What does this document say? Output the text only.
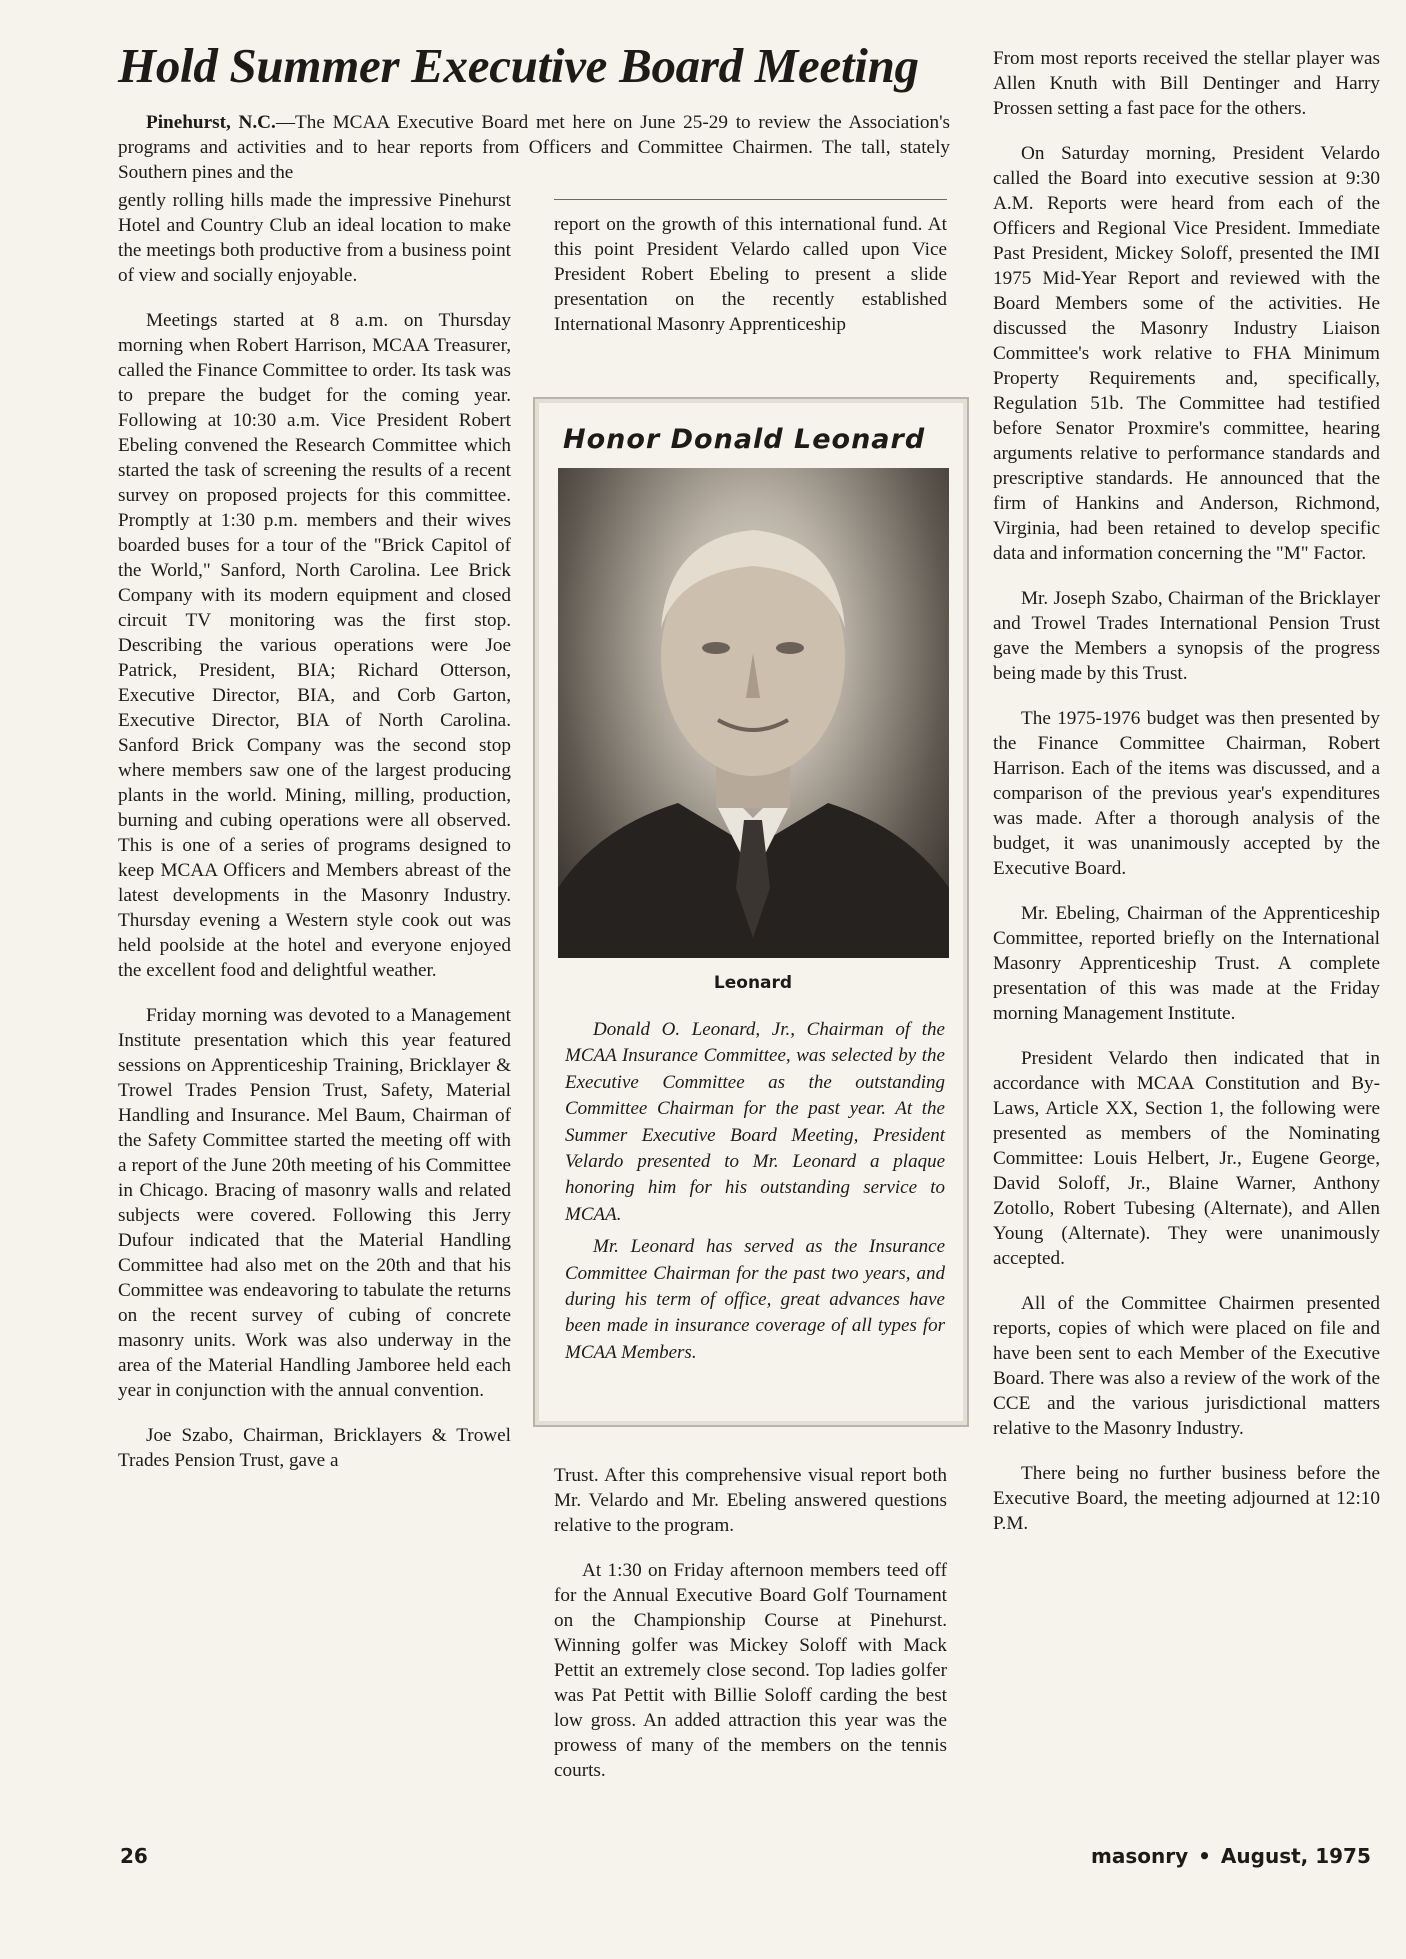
Hold Summer Executive Board Meeting

Pinehurst, N.C.—The MCAA Executive Board met here on June 25-29 to review the Association's programs and activities and to hear reports from Officers and Committee Chairmen. The tall, stately Southern pines and the

gently rolling hills made the impressive Pinehurst Hotel and Country Club an ideal location to make the meetings both productive from a business point of view and socially enjoyable.

Meetings started at 8 a.m. on Thursday morning when Robert Harrison, MCAA Treasurer, called the Finance Committee to order. Its task was to prepare the budget for the coming year. Following at 10:30 a.m. Vice President Robert Ebeling convened the Research Committee which started the task of screening the results of a recent survey on proposed projects for this committee. Promptly at 1:30 p.m. members and their wives boarded buses for a tour of the "Brick Capitol of the World," Sanford, North Carolina. Lee Brick Company with its modern equipment and closed circuit TV monitoring was the first stop. Describing the various operations were Joe Patrick, President, BIA; Richard Otterson, Executive Director, BIA, and Corb Garton, Executive Director, BIA of North Carolina. Sanford Brick Company was the second stop where members saw one of the largest producing plants in the world. Mining, milling, production, burning and cubing operations were all observed. This is one of a series of programs designed to keep MCAA Officers and Members abreast of the latest developments in the Masonry Industry. Thursday evening a Western style cook out was held poolside at the hotel and everyone enjoyed the excellent food and delightful weather.

Friday morning was devoted to a Management Institute presentation which this year featured sessions on Apprenticeship Training, Bricklayer & Trowel Trades Pension Trust, Safety, Material Handling and Insurance. Mel Baum, Chairman of the Safety Committee started the meeting off with a report of the June 20th meeting of his Committee in Chicago. Bracing of masonry walls and related subjects were covered. Following this Jerry Dufour indicated that the Material Handling Committee had also met on the 20th and that his Committee was endeavoring to tabulate the returns on the recent survey of cubing of concrete masonry units. Work was also underway in the area of the Material Handling Jamboree held each year in conjunction with the annual convention.

Joe Szabo, Chairman, Bricklayers & Trowel Trades Pension Trust, gave a

report on the growth of this international fund. At this point President Velardo called upon Vice President Robert Ebeling to present a slide presentation on the recently established International Masonry Apprenticeship

Honor Donald Leonard

Leonard

Donald O. Leonard, Jr., Chairman of the MCAA Insurance Committee, was selected by the Executive Committee as the outstanding Committee Chairman for the past year. At the Summer Executive Board Meeting, President Velardo presented to Mr. Leonard a plaque honoring him for his outstanding service to MCAA.

Mr. Leonard has served as the Insurance Committee Chairman for the past two years, and during his term of office, great advances have been made in insurance coverage of all types for MCAA Members.

Trust. After this comprehensive visual report both Mr. Velardo and Mr. Ebeling answered questions relative to the program.

At 1:30 on Friday afternoon members teed off for the Annual Executive Board Golf Tournament on the Championship Course at Pinehurst. Winning golfer was Mickey Soloff with Mack Pettit an extremely close second. Top ladies golfer was Pat Pettit with Billie Soloff carding the best low gross. An added attraction this year was the prowess of many of the members on the tennis courts.

From most reports received the stellar player was Allen Knuth with Bill Dentinger and Harry Prossen setting a fast pace for the others.

On Saturday morning, President Velardo called the Board into executive session at 9:30 A.M. Reports were heard from each of the Officers and Regional Vice President. Immediate Past President, Mickey Soloff, presented the IMI 1975 Mid-Year Report and reviewed with the Board Members some of the activities. He discussed the Masonry Industry Liaison Committee's work relative to FHA Minimum Property Requirements and, specifically, Regulation 51b. The Committee had testified before Senator Proxmire's committee, hearing arguments relative to performance standards and prescriptive standards. He announced that the firm of Hankins and Anderson, Richmond, Virginia, had been retained to develop specific data and information concerning the "M" Factor.

Mr. Joseph Szabo, Chairman of the Bricklayer and Trowel Trades International Pension Trust gave the Members a synopsis of the progress being made by this Trust.

The 1975-1976 budget was then presented by the Finance Committee Chairman, Robert Harrison. Each of the items was discussed, and a comparison of the previous year's expenditures was made. After a thorough analysis of the budget, it was unanimously accepted by the Executive Board.

Mr. Ebeling, Chairman of the Apprenticeship Committee, reported briefly on the International Masonry Apprenticeship Trust. A complete presentation of this was made at the Friday morning Management Institute.

President Velardo then indicated that in accordance with MCAA Constitution and By-Laws, Article XX, Section 1, the following were presented as members of the Nominating Committee: Louis Helbert, Jr., Eugene George, David Soloff, Jr., Blaine Warner, Anthony Zotollo, Robert Tubesing (Alternate), and Allen Young (Alternate). They were unanimously accepted.

All of the Committee Chairmen presented reports, copies of which were placed on file and have been sent to each Member of the Executive Board. There was also a review of the work of the CCE and the various jurisdictional matters relative to the Masonry Industry.

There being no further business before the Executive Board, the meeting adjourned at 12:10 P.M.

26	masonry • August, 1975
